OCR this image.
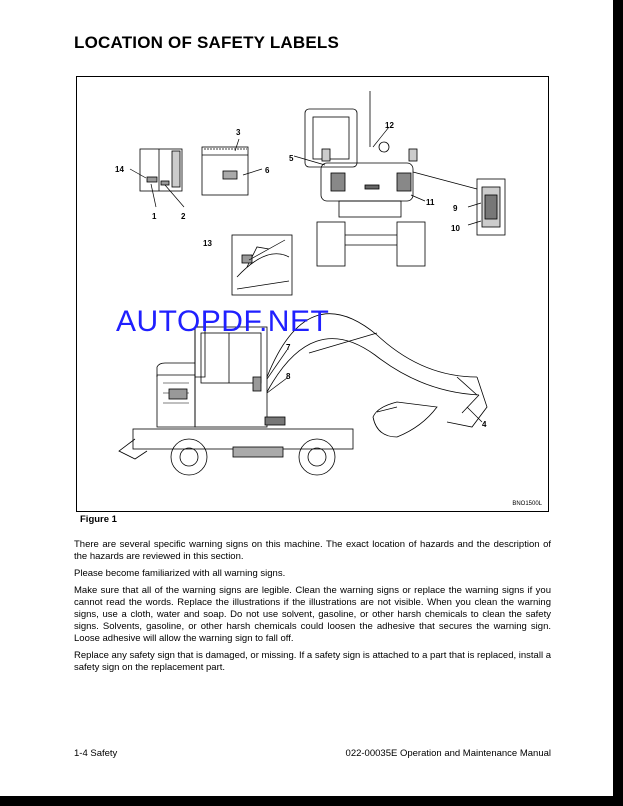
LOCATION OF SAFETY LABELS
14
1	2
3
6
13
5
12
11
9
10
7
8
4
BNO1500L
AUTOPDF.NET
Figure 1

There are several specific warning signs on this machine. The exact location of hazards and the description of the hazards are reviewed in this section.

Please become familiarized with all warning signs.

Make sure that all of the warning signs are legible. Clean the warning signs or replace the warning signs if you cannot read the words. Replace the illustrations if the illustrations are not visible. When you clean the warning signs, use a cloth, water and soap. Do not use solvent, gasoline, or other harsh chemicals to clean the safety signs. Solvents, gasoline, or other harsh chemicals could loosen the adhesive that secures the warning sign. Loose adhesive will allow the warning sign to fall off.

Replace any safety sign that is damaged, or missing. If a safety sign is attached to a part that is replaced, install a safety sign on the replacement part.

1-4 Safety	022-00035E Operation and Maintenance Manual
